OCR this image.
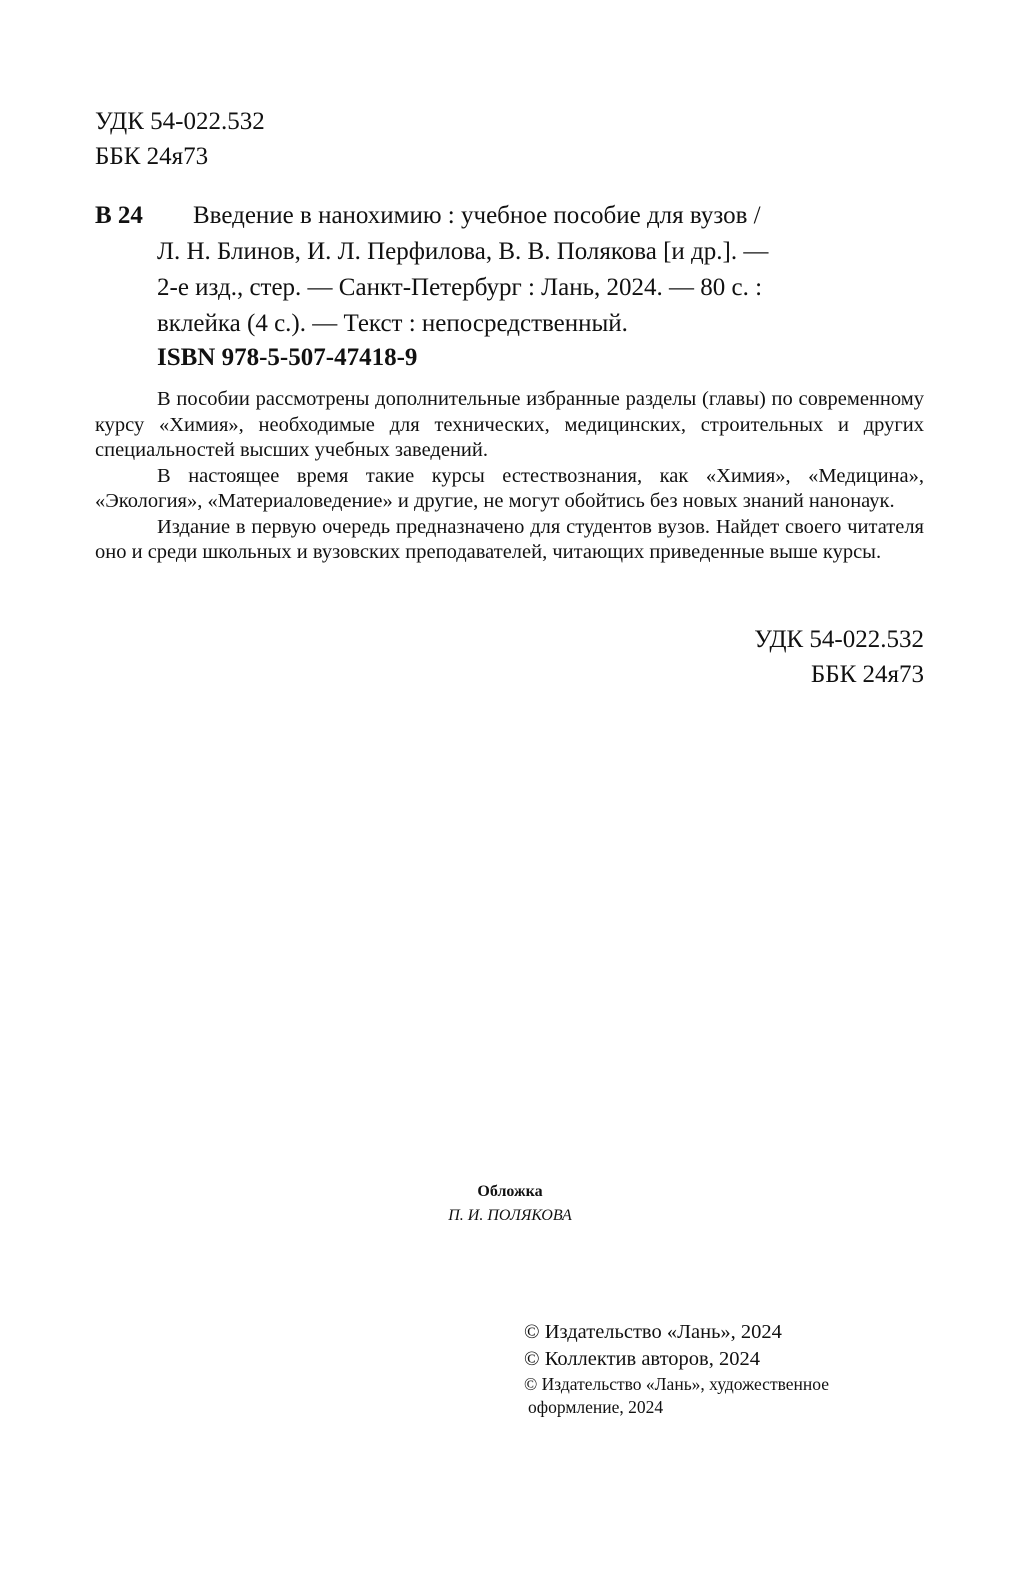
УДК 54-022.532
ББК 24я73
В 24	Введение в нанохимию : учебное пособие для вузов /
Л. Н. Блинов, И. Л. Перфилова, В. В. Полякова [и др.]. —
2-е изд., стер. — Санкт-Петербург : Лань, 2024. — 80 с. :
вклейка (4 с.). — Текст : непосредственный.
ISBN 978-5-507-47418-9

В пособии рассмотрены дополнительные избранные разделы (главы) по современному курсу «Химия», необходимые для технических, медицинских, строительных и других специальностей высших учебных заведений.

В настоящее время такие курсы естествознания, как «Химия», «Медицина», «Экология», «Материаловедение» и другие, не могут обойтись без новых знаний нанонаук.

Издание в первую очередь предназначено для студентов вузов. Найдет своего читателя оно и среди школьных и вузовских преподавателей, читающих приведенные выше курсы.

УДК 54-022.532
ББК 24я73
Обложка
П. И. ПОЛЯКОВА
© Издательство «Лань», 2024
© Коллектив авторов, 2024
© Издательство «Лань», художественное
оформление, 2024
